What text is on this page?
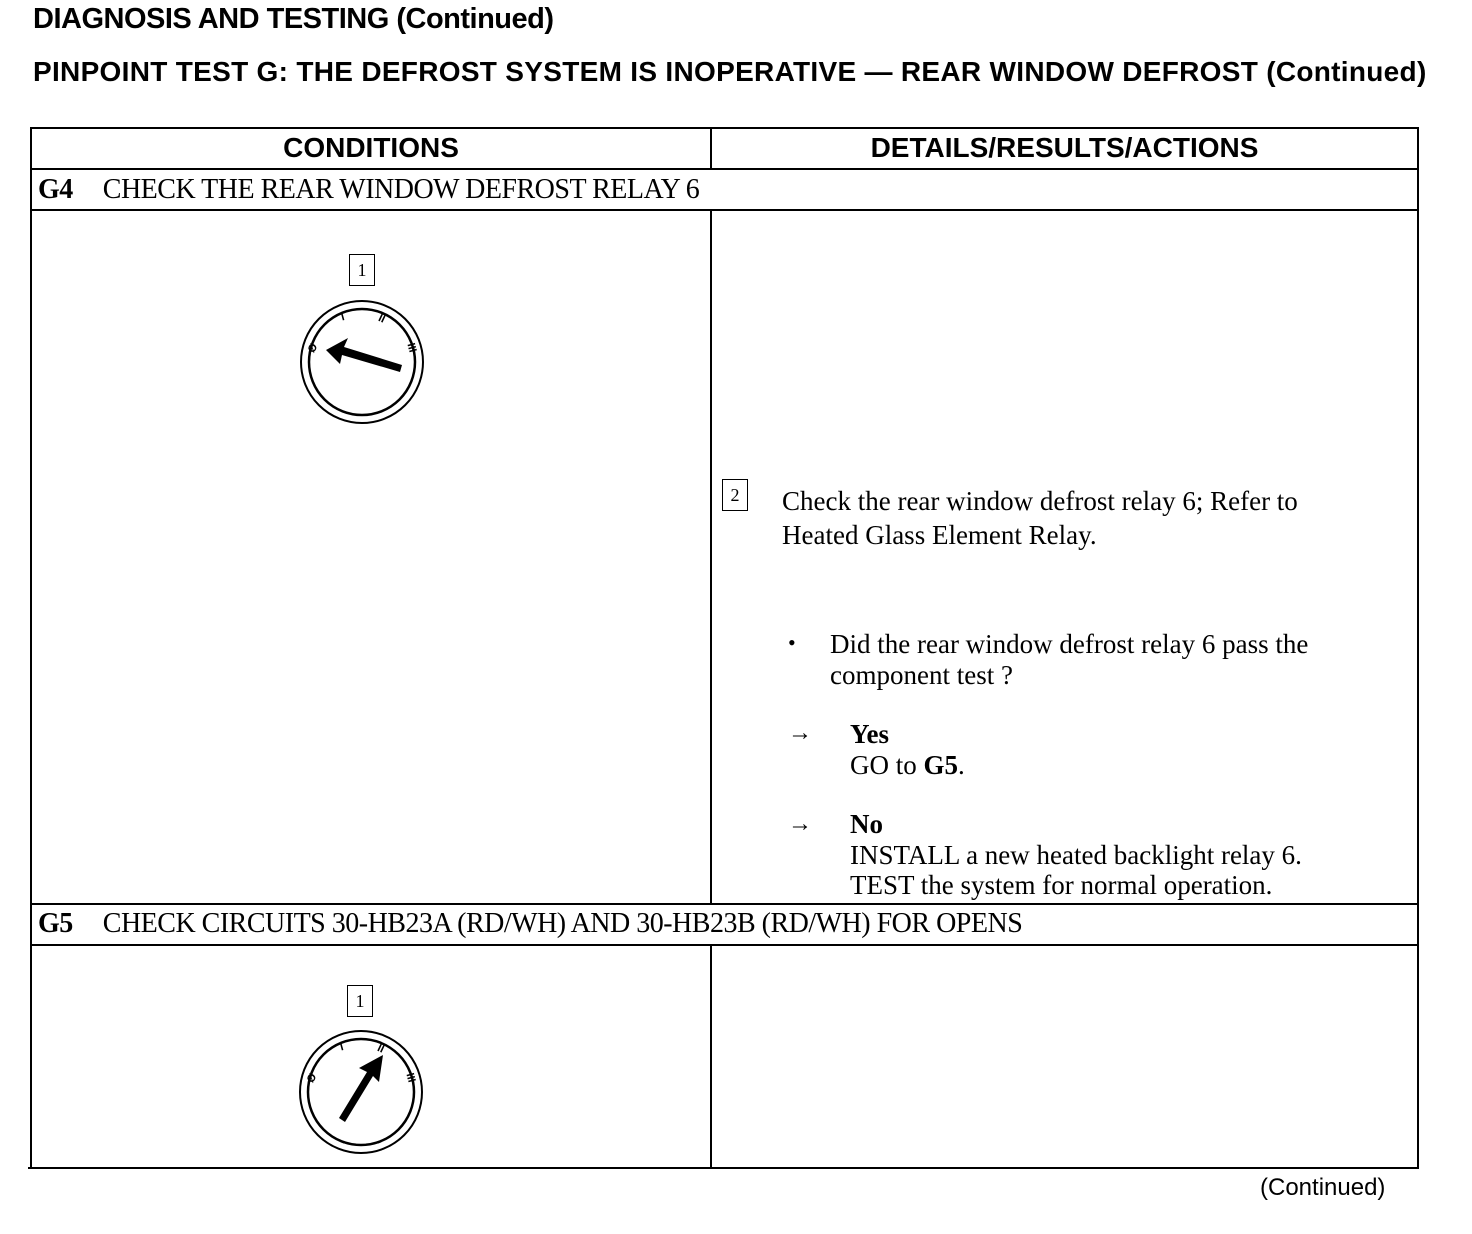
DIAGNOSIS AND TESTING (Continued)
PINPOINT TEST G: THE DEFROST SYSTEM IS INOPERATIVE — REAR WINDOW DEFROST (Continued)
CONDITIONS	DETAILS/RESULTS/ACTIONS
G4 CHECK THE REAR WINDOW DEFROST RELAY 6
1
Ø
I	II
III
2	Check the rear window defrost relay 6; Refer to
Heated Glass Element Relay.
• Did the rear window defrost relay 6 pass the
component test ?
→ Yes
GO to G5.
→ No
INSTALL a new heated backlight relay 6.
TEST the system for normal operation.
G5 CHECK CIRCUITS 30-HB23A (RD/WH) AND 30-HB23B (RD/WH) FOR OPENS
1
Ø
I	II
III
(Continued)
